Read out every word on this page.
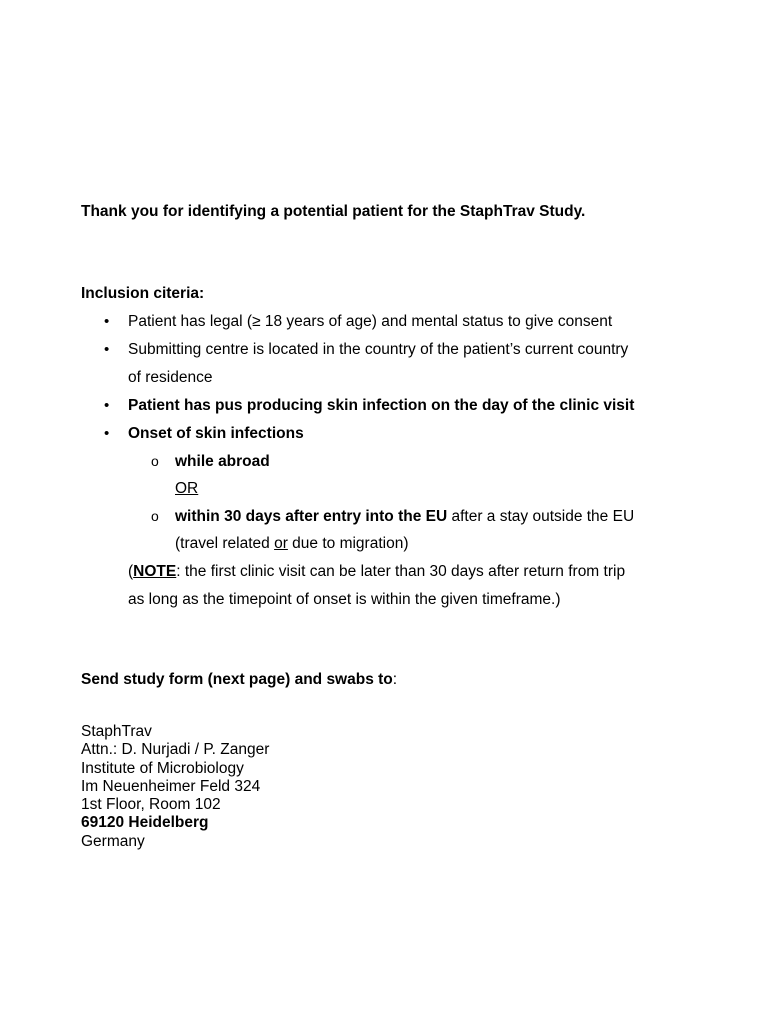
Thank you for identifying a potential patient for the StaphTrav Study.
Inclusion citeria:
• Patient has legal (≥ 18 years of age) and mental status to give consent
• Submitting centre is located in the country of the patient’s current country
of residence
• Patient has pus producing skin infection on the day of the clinic visit
• Onset of skin infections
o while abroad
OR
o within 30 days after entry into the EU after a stay outside the EU
(travel related or due to migration)
(NOTE: the first clinic visit can be later than 30 days after return from trip
as long as the timepoint of onset is within the given timeframe.)
Send study form (next page) and swabs to:
StaphTrav
Attn.: D. Nurjadi / P. Zanger
Institute of Microbiology
Im Neuenheimer Feld 324
1st Floor, Room 102
69120 Heidelberg
Germany
